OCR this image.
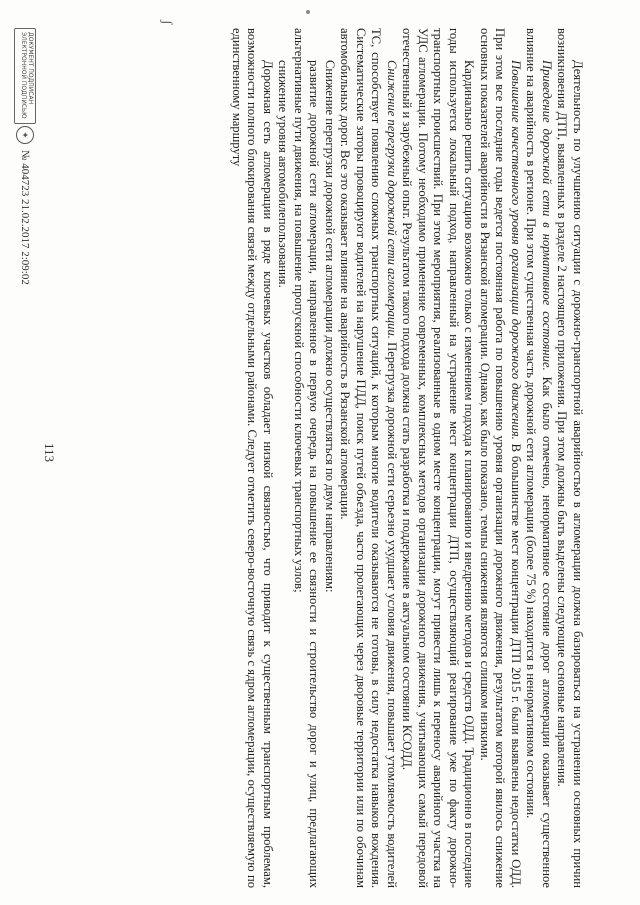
113	Деятельность по улучшению ситуации с дорожно-транспортной аварийностью в агломерации должна базироваться на устранении основных причин возникновения ДТП, выявленных в разделе 2 настоящего приложения. При этом должны быть выделены следующие основные направления.

Приведение дорожной сети в нормативное состояние. Как было отмечено, ненормативное состояние дорог агломерации оказывает существенное влияние на аварийность в регионе. При этом существенная часть дорожной сети агломерации (более 75 %) находится в ненормативном состоянии.

Повышение качественного уровня организации дорожного движения. В большинстве мест концентрации ДТП 2015 г. были выявлены недостатки ОДД. При этом все последние годы ведется постоянная работа по повышению уровня организации дорожного движения, результатом которой явилось снижение основных показателей аварийности в Рязанской агломерации. Однако, как было показано, темпы снижения являются слишком низкими.

Кардинально решить ситуацию возможно только с изменением подхода к планированию и внедрению методов и средств ОДД. Традиционно в последние годы используется локальный подход, направленный на устранение мест концентрации ДТП, осуществляющий реагирование уже по факту дорожно-транспортных происшествий. При этом мероприятия, реализованные в одном месте концентрации, могут привести лишь к переносу аварийного участка на УДС агломерации. Потому необходимо применение современных, комплексных методов организации дорожного движения, учитывающих самый передовой отечественный и зарубежный опыт. Результатом такого подхода должна стать разработка и поддержание в актуальном состоянии КСОДД.

Снижение перегрузки дорожной сети агломерации. Перегрузка дорожной сети серьезно ухудшает условия движения, повышает утомляемость водителей ТС, способствует появлению сложных транспортных ситуаций, к которым многие водители оказываются не готовы, в силу недостатка навыков вождения. Систематические заторы провоцируют водителей на нарушение ПДД, поиск путей объезда, часто пролегающих через дворовые территории или по обочинам автомобильных дорог. Все это оказывает влияние на аварийность в Рязанской агломерации.

Снижение перегрузки дорожной сети агломерации должно осуществляться по двум направлениям:

развитие дорожной сети агломерации, направленное в первую очередь на повышение ее связности и строительство дорог и улиц, предлагающих альтернативные пути движения, на повышение пропускной способности ключевых транспортных узлов;

снижение уровня автомобилепользования.

Дорожная сеть агломерации в ряде ключевых участков обладает низкой связностью, что приводит к существенным транспортным проблемам, возможности полного блокирования связей между отдельными районами. Следует отметить северо-восточную связь с ядром агломерации, осуществляемую по единственному маршруту

ДОКУМЕНТ ПОДПИСАН ЭЛЕКТРОННОЙ ПОДПИСЬЮ
✦
№ 404723 21.02.2017 2:09:02
ʃ
